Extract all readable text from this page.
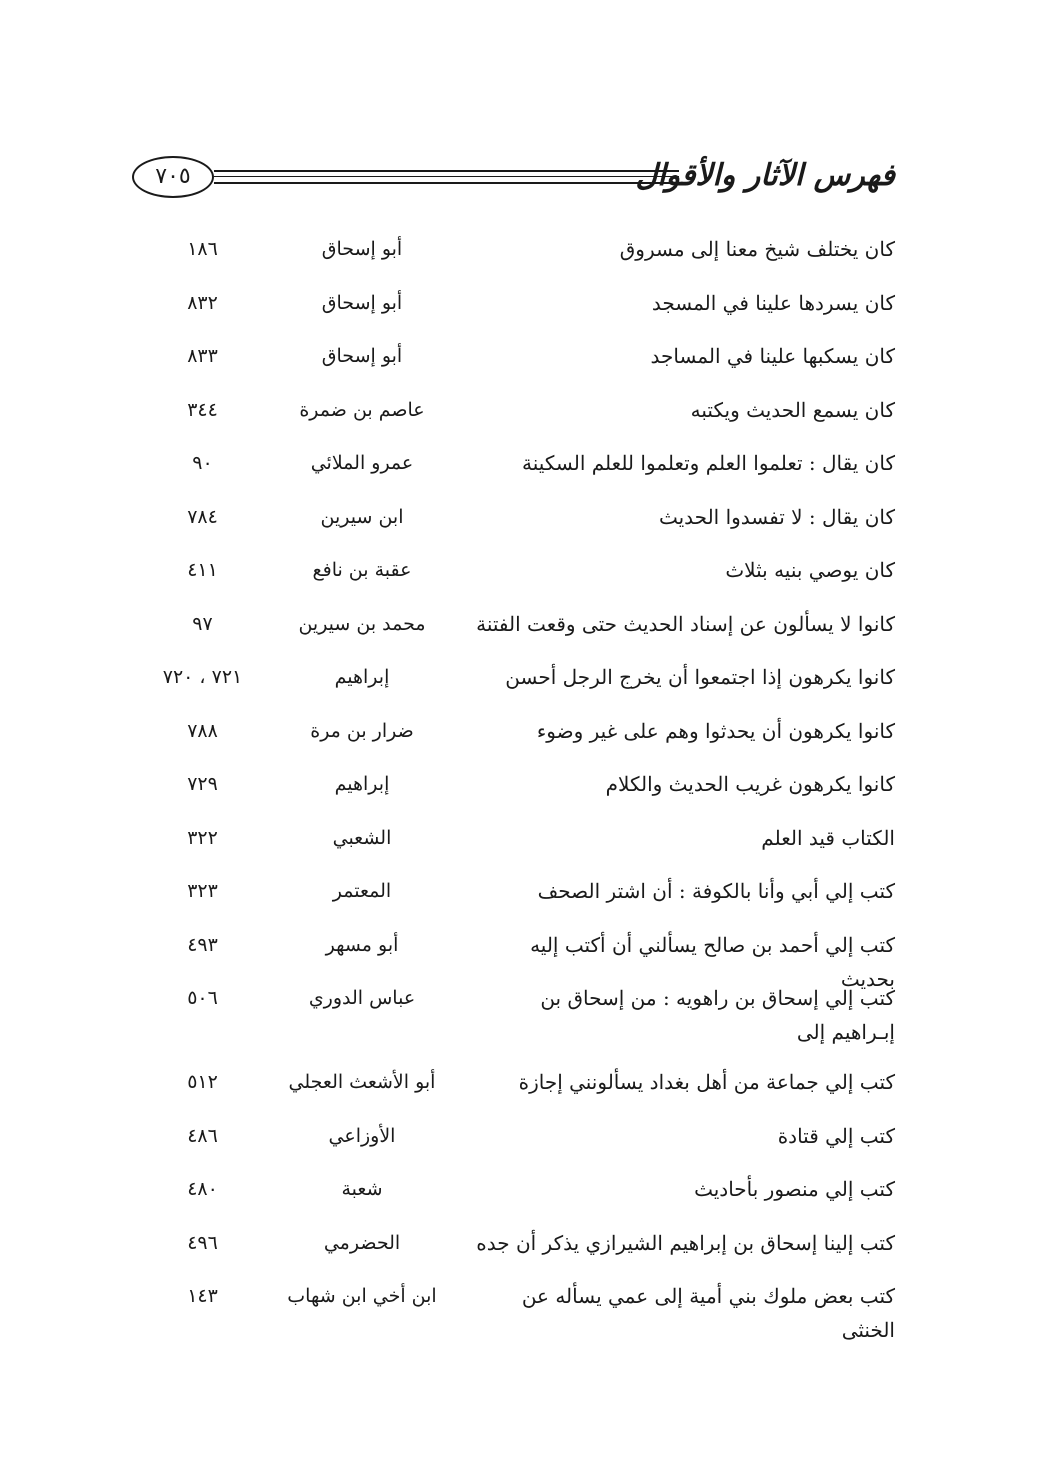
٧٠٥	فهرس الآثار والأقوال
كان يختلف شيخ معنا إلى مسروق
أبو إسحاق
١٨٦
كان يسردها علينا في المسجد
أبو إسحاق
٨٣٢
كان يسكبها علينا في المساجد
أبو إسحاق
٨٣٣
كان يسمع الحديث ويكتبه
عاصم بن ضمرة
٣٤٤
كان يقال : تعلموا العلم وتعلموا للعلم السكينة
عمرو الملائي
٩٠
كان يقال : لا تفسدوا الحديث
ابن سيرين
٧٨٤
كان يوصي بنيه بثلاث
عقبة بن نافع
٤١١
كانوا لا يسألون عن إسناد الحديث حتى وقعت الفتنة
محمد بن سيرين
٩٧
كانوا يكرهون إذا اجتمعوا أن يخرج الرجل أحسن
إبراهيم
٧٢١ ، ٧٢٠
كانوا يكرهون أن يحدثوا وهم على غير وضوء
ضرار بن مرة
٧٨٨
كانوا يكرهون غريب الحديث والكلام
إبراهيم
٧٢٩
الكتاب قيد العلم
الشعبي
٣٢٢
كتب إلي أبي وأنا بالكوفة : أن اشتر الصحف
المعتمر
٣٢٣
كتب إلي أحمد بن صالح يسألني أن أكتب إليه بحديث
أبو مسهر
٤٩٣
كتب إلي إسحاق بن راهويه : من إسحاق بن إبـراهيم إلى
عباس الدوري
٥٠٦
كتب إلي جماعة من أهل بغداد يسألونني إجازة
أبو الأشعث العجلي
٥١٢
كتب إلي قتادة
الأوزاعي
٤٨٦
كتب إلي منصور بأحاديث
شعبة
٤٨٠
كتب إلينا إسحاق بن إبراهيم الشيرازي يذكر أن جده
الحضرمي
٤٩٦
كتب بعض ملوك بني أمية إلى عمي يسأله عن الخنثى
ابن أخي ابن شهاب
١٤٣
